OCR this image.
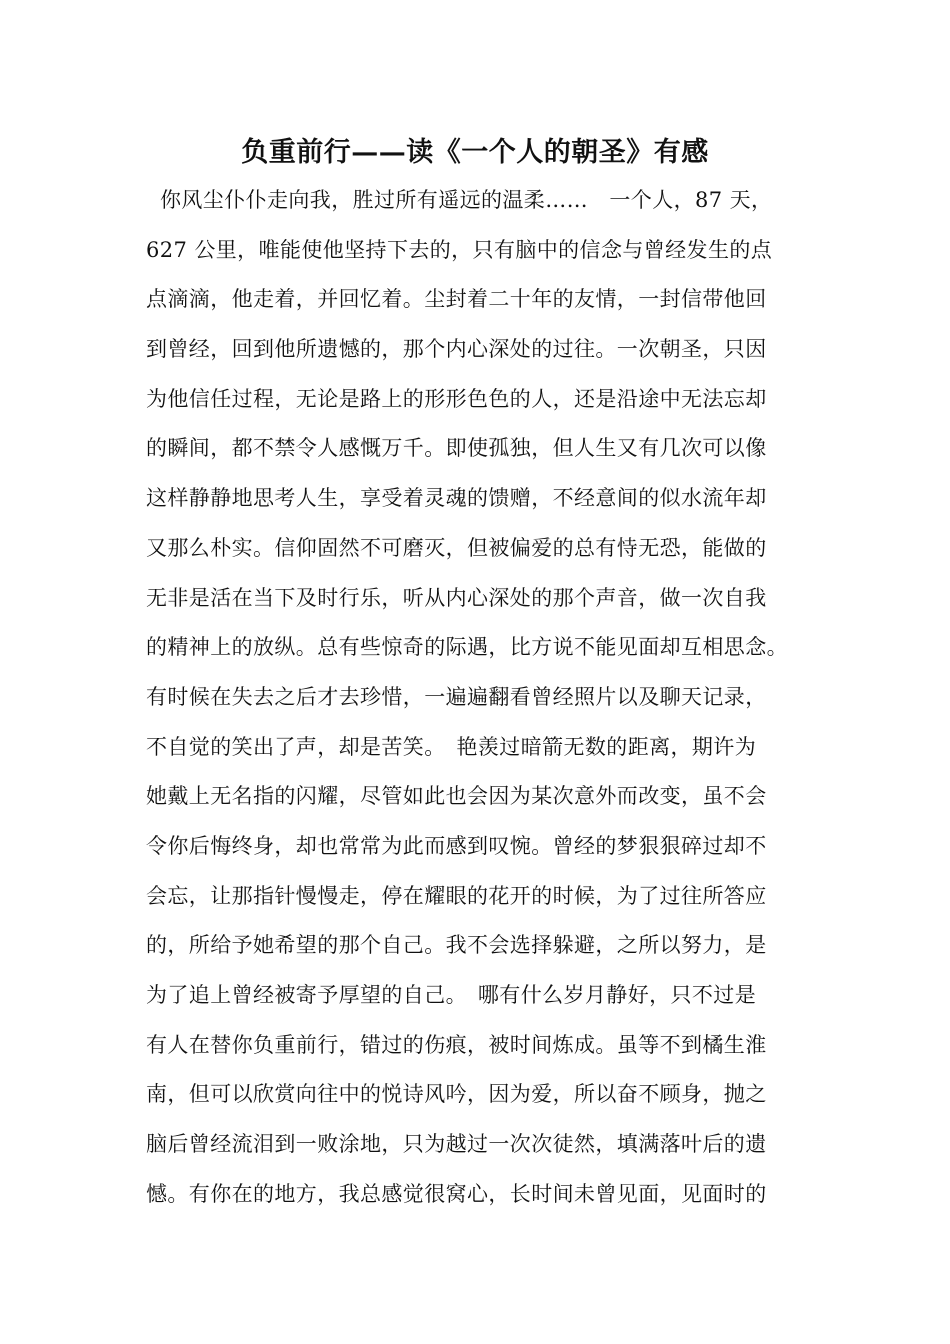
负重前行——读《一个人的朝圣》有感
你风尘仆仆走向我，胜过所有遥远的温柔……　一个人，87 天，
627 公里，唯能使他坚持下去的，只有脑中的信念与曾经发生的点
点滴滴，他走着，并回忆着。尘封着二十年的友情，一封信带他回
到曾经，回到他所遗憾的，那个内心深处的过往。一次朝圣，只因
为他信任过程，无论是路上的形形色色的人，还是沿途中无法忘却
的瞬间，都不禁令人感慨万千。即使孤独，但人生又有几次可以像
这样静静地思考人生，享受着灵魂的馈赠，不经意间的似水流年却
又那么朴实。信仰固然不可磨灭，但被偏爱的总有恃无恐，能做的
无非是活在当下及时行乐，听从内心深处的那个声音，做一次自我
的精神上的放纵。总有些惊奇的际遇，比方说不能见面却互相思念。
有时候在失去之后才去珍惜，一遍遍翻看曾经照片以及聊天记录，
不自觉的笑出了声，却是苦笑。　艳羡过暗箭无数的距离，期许为
她戴上无名指的闪耀，尽管如此也会因为某次意外而改变，虽不会
令你后悔终身，却也常常为此而感到叹惋。曾经的梦狠狠碎过却不
会忘，让那指针慢慢走，停在耀眼的花开的时候，为了过往所答应
的，所给予她希望的那个自己。我不会选择躲避，之所以努力，是
为了追上曾经被寄予厚望的自己。　哪有什么岁月静好，只不过是
有人在替你负重前行，错过的伤痕，被时间炼成。虽等不到橘生淮
南，但可以欣赏向往中的悦诗风吟，因为爱，所以奋不顾身，抛之
脑后曾经流泪到一败涂地，只为越过一次次徒然，填满落叶后的遗
憾。有你在的地方，我总感觉很窝心，长时间未曾见面，见面时的
